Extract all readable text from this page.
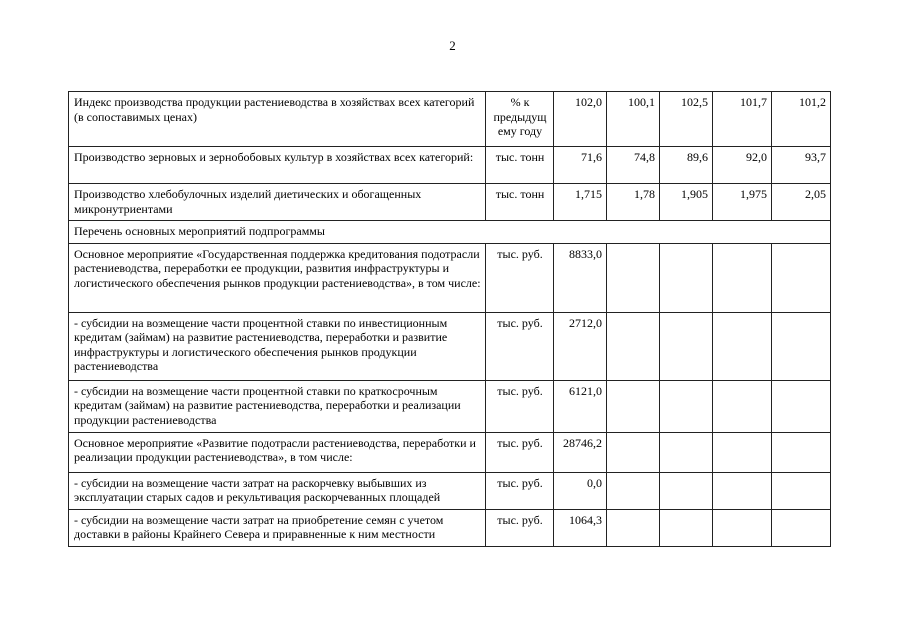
2
Индекс производства продукции растениеводства в хозяйствах всех категорий (в сопоставимых ценах)	% к предыдущ ему году	102,0	100,1	102,5	101,7	101,2
Производство зерновых и зернобобовых культур в хозяйствах всех категорий:	тыс. тонн	71,6	74,8	89,6	92,0	93,7
Производство хлебобулочных изделий диетических и обогащенных микронутриентами	тыс. тонн	1,715	1,78	1,905	1,975	2,05
Перечень основных мероприятий подпрограммы						
Основное мероприятие «Государственная поддержка кредитования подотрасли растениеводства, переработки ее продукции, развития инфраструктуры и логистического обеспечения рынков продукции растениеводства», в том числе:	тыс. руб.	8833,0				
- субсидии на возмещение части процентной ставки по инвестиционным кредитам (займам) на развитие растениеводства, переработки и развитие инфраструктуры и логистического обеспечения рынков продукции растениеводства	тыс. руб.	2712,0				
- субсидии на возмещение части процентной ставки по краткосрочным кредитам (займам) на развитие растениеводства, переработки и реализации продукции растениеводства	тыс. руб.	6121,0				
Основное мероприятие «Развитие подотрасли растениеводства, переработки и реализации продукции растениеводства», в том числе:	тыс. руб.	28746,2				
- субсидии на возмещение части затрат на раскорчевку выбывших из эксплуатации старых садов и рекультивация раскорчеванных площадей	тыс. руб.	0,0				
- субсидии на возмещение части затрат на приобретение семян с учетом доставки в районы Крайнего Севера и приравненные к ним местности	тыс. руб.	1064,3				
